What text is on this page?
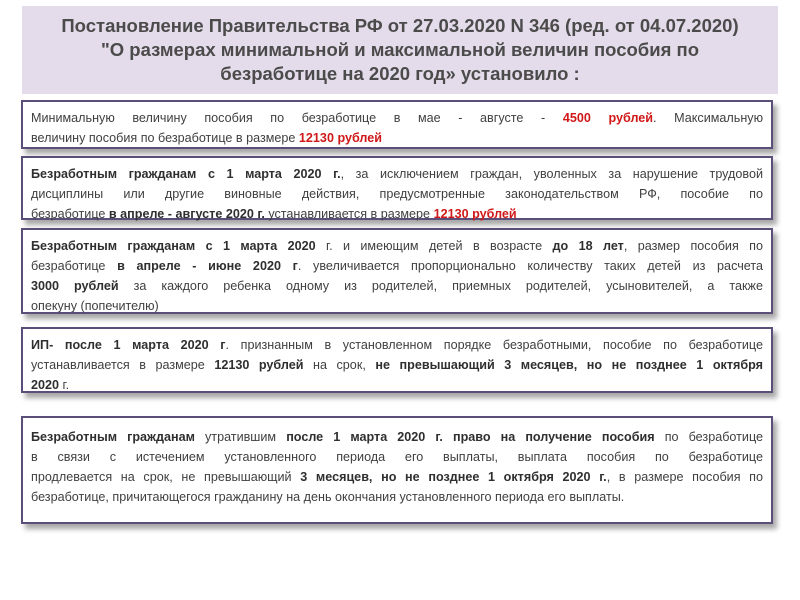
Постановление Правительства РФ от 27.03.2020 N 346 (ред. от 04.07.2020)
"О размерах минимальной и максимальной величин пособия по
безработице на 2020 год» установило :
Минимальную величину пособия по безработице в мае - августе - 4500 рублей. Максимальную
величину пособия по безработице в размере 12130 рублей
Безработным гражданам с 1 марта 2020 г., за исключением граждан, уволенных за нарушение трудовой
дисциплины или другие виновные действия, предусмотренные законодательством РФ, пособие по
безработице в апреле - августе 2020 г. устанавливается в размере 12130 рублей
Безработным гражданам с 1 марта 2020 г. и имеющим детей в возрасте до 18 лет, размер пособия по
безработице в апреле - июне 2020 г. увеличивается пропорционально количеству таких детей из расчета
3000 рублей за каждого ребенка одному из родителей, приемных родителей, усыновителей, а также
опекуну (попечителю)
ИП- после 1 марта 2020 г. признанным в установленном порядке безработными, пособие по безработице
устанавливается в размере 12130 рублей на срок, не превышающий 3 месяцев, но не позднее 1 октября
2020 г.
Безработным гражданам утратившим после 1 марта 2020 г. право на получение пособия по безработице
в связи с истечением установленного периода его выплаты, выплата пособия по безработице
продлевается на срок, не превышающий 3 месяцев, но не позднее 1 октября 2020 г., в размере пособия по
безработице, причитающегося гражданину на день окончания установленного периода его выплаты.
